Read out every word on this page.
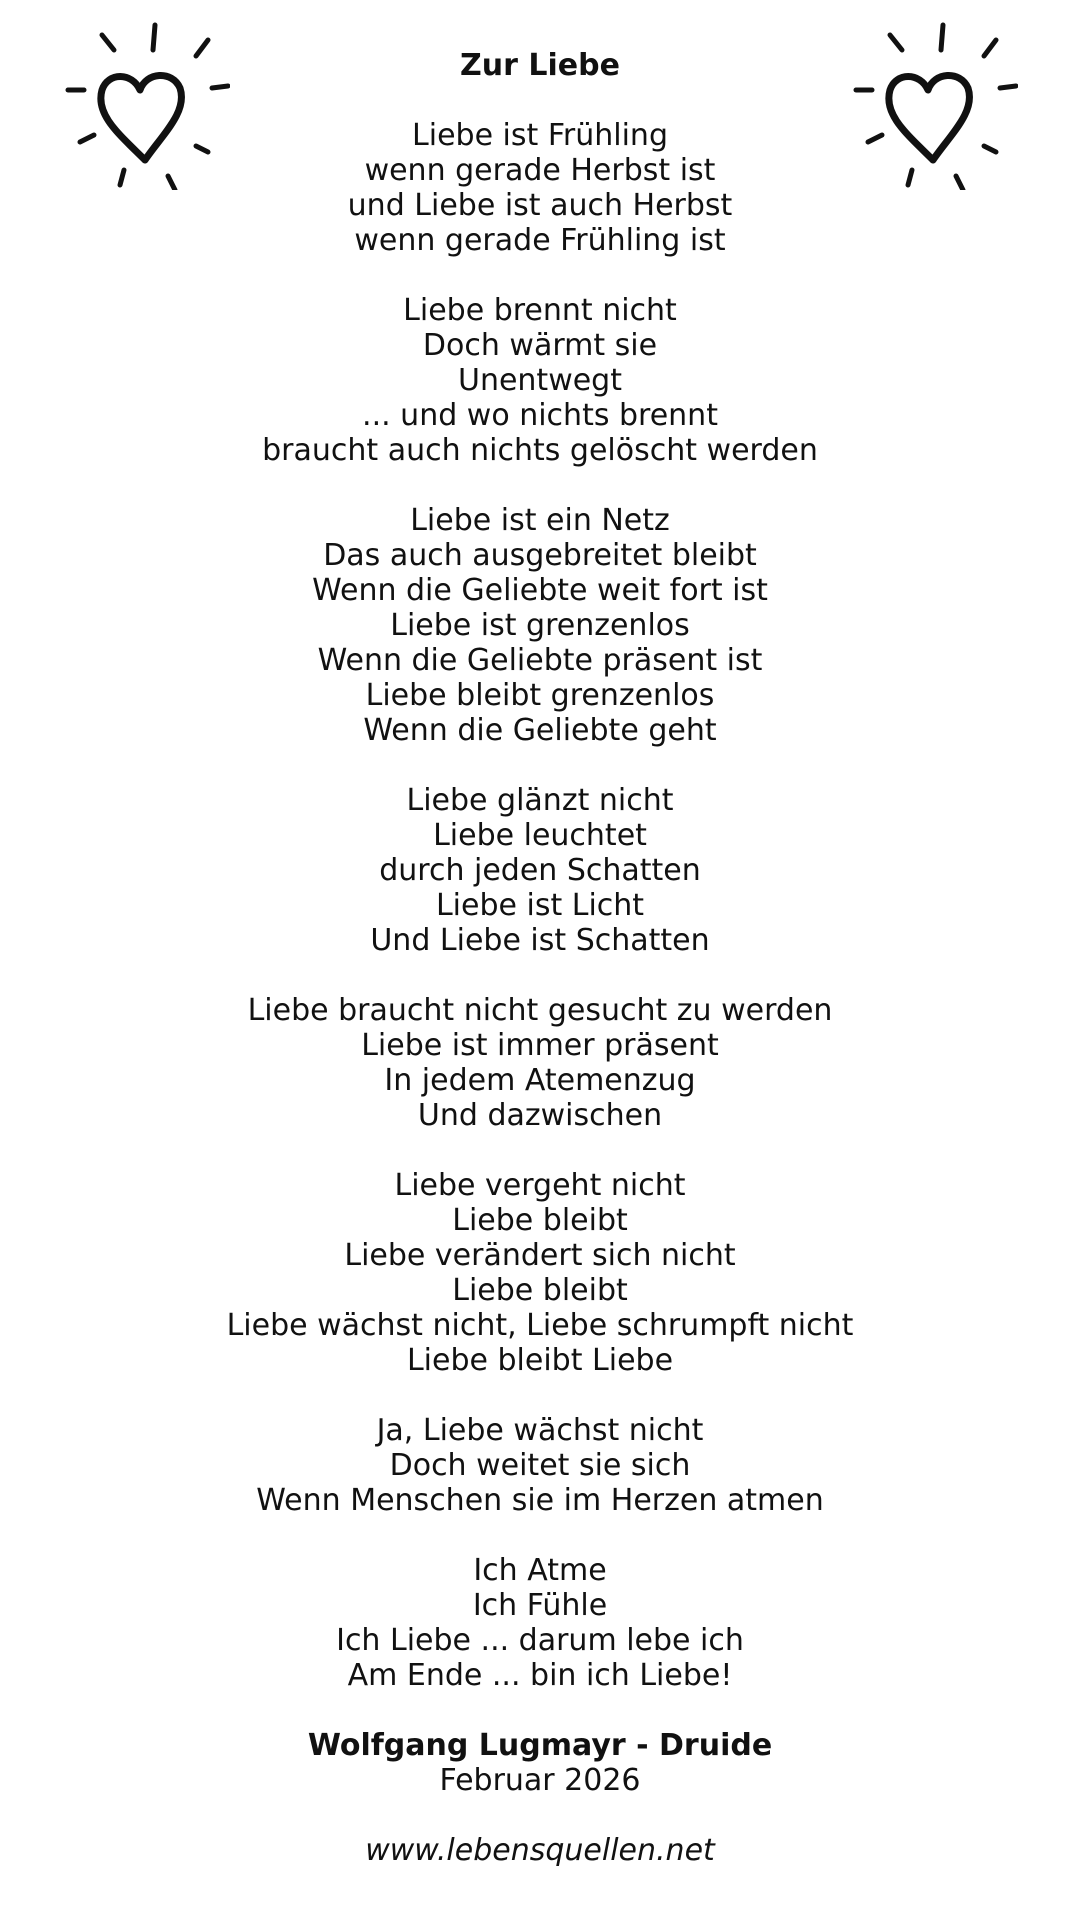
Zur Liebe
Liebe ist Frühling
wenn gerade Herbst ist
und Liebe ist auch Herbst
wenn gerade Frühling ist
Liebe brennt nicht
Doch wärmt sie
Unentwegt
... und wo nichts brennt
braucht auch nichts gelöscht werden
Liebe ist ein Netz
Das auch ausgebreitet bleibt
Wenn die Geliebte weit fort ist
Liebe ist grenzenlos
Wenn die Geliebte präsent ist
Liebe bleibt grenzenlos
Wenn die Geliebte geht
Liebe glänzt nicht
Liebe leuchtet
durch jeden Schatten
Liebe ist Licht
Und Liebe ist Schatten
Liebe braucht nicht gesucht zu werden
Liebe ist immer präsent
In jedem Atemenzug
Und dazwischen
Liebe vergeht nicht
Liebe bleibt
Liebe verändert sich nicht
Liebe bleibt
Liebe wächst nicht, Liebe schrumpft nicht
Liebe bleibt Liebe
Ja, Liebe wächst nicht
Doch weitet sie sich
Wenn Menschen sie im Herzen atmen
Ich Atme
Ich Fühle
Ich Liebe ... darum lebe ich
Am Ende ... bin ich Liebe!
Wolfgang Lugmayr - Druide
Februar 2026
www.lebensquellen.net
